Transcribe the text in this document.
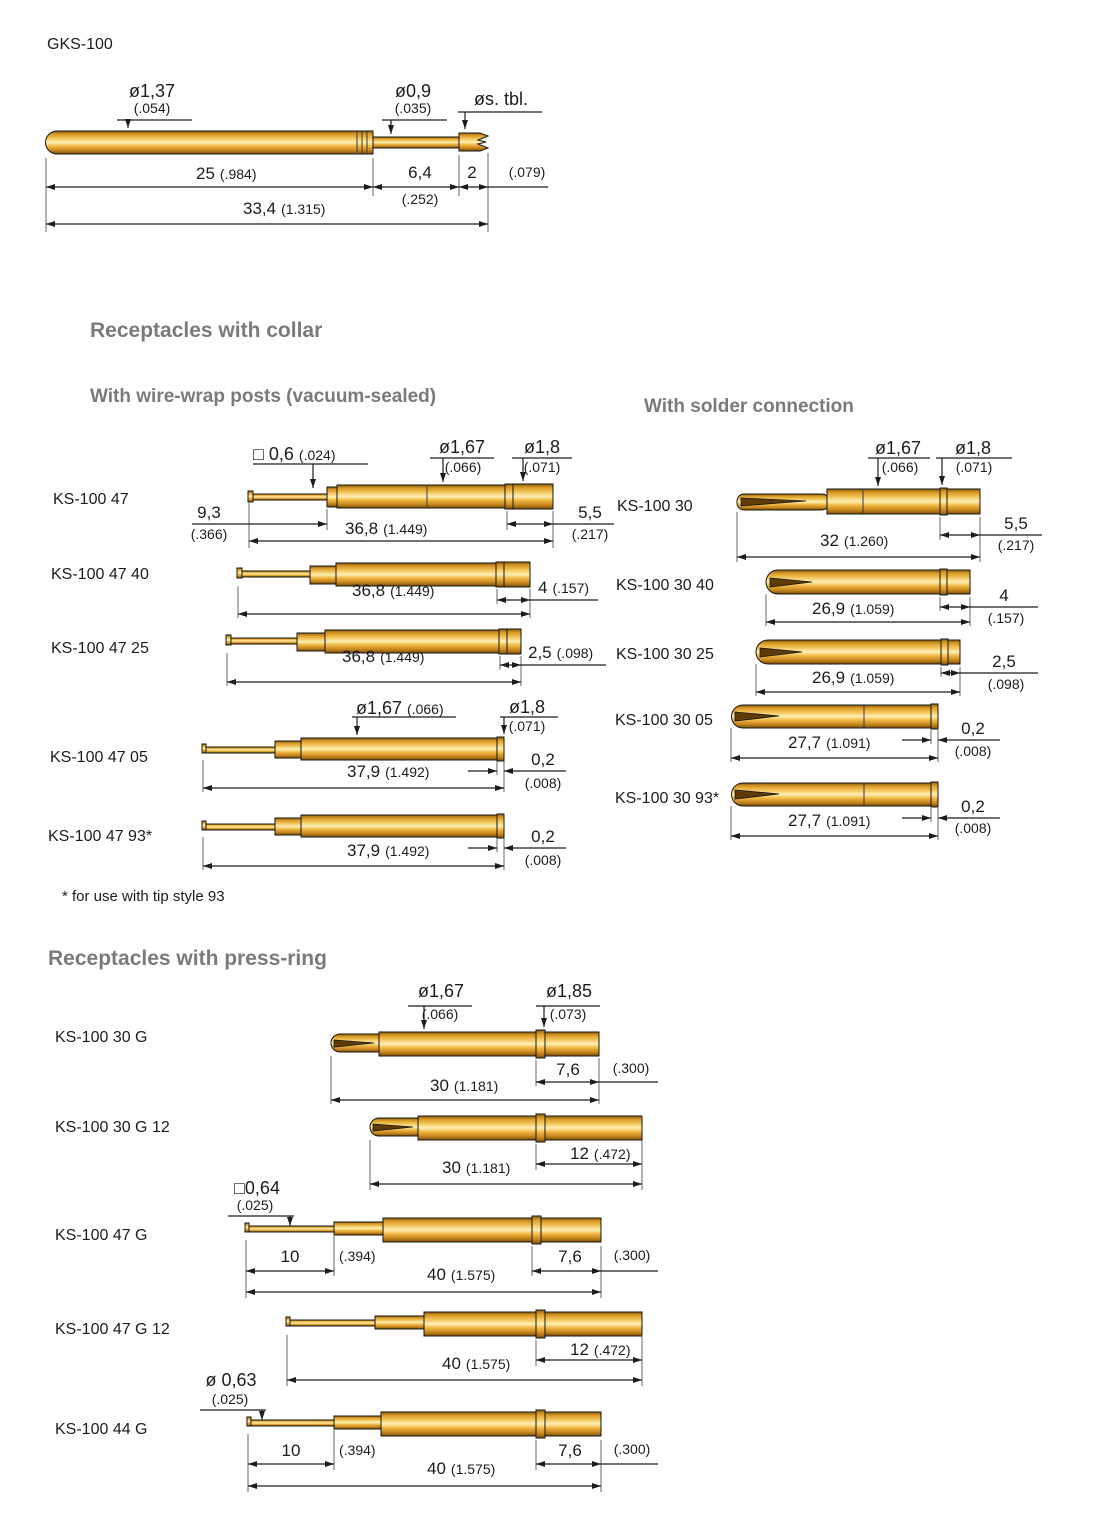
GKS-100
ø1,37
(.054)
ø0,9
(.035) øs. tbl.
25 (.984)	6,4
(.252)
2 (.079)
33,4 (1.315)
Receptacles with collar
With wire-wrap posts (vacuum-sealed)	With solder connection
Receptacles with press-ring
□ 0,6 (.024)	ø1,67
(.066)
ø1,8
(.071)
KS-100 47
9,3
(.366)	36,8 (1.449)
5,5
(.217)
KS-100 47 40
36,8 (1.449)	4 (.157)
KS-100 47 25	36,8 (1.449)	2,5 (.098)
ø1,67 (.066)	ø1,8
(.071)
KS-100 47 05
37,9 (1.492)
0,2
(.008)
KS-100 47 93*
37,9 (1.492)
0,2
(.008)
* for use with tip style 93
ø1,67
(.066)
ø1,8
(.071)
KS-100 30
32 (1.260)
5,5
(.217)
KS-100 30 40
26,9 (1.059)
4
(.157)
KS-100 30 25
26,9 (1.059)
2,5
(.098)
KS-100 30 05
27,7 (1.091)
0,2
(.008)
KS-100 30 93*
27,7 (1.091)
0,2
(.008)
ø1,67
(.066)
ø1,85
(.073)
KS-100 30 G
30 (1.181)
7,6 (.300)
KS-100 30 G 12
30 (1.181)
12 (.472)
□0,64
(.025)
KS-100 47 G
10	(.394)
40 (1.575)
7,6 (.300)
KS-100 47 G 12
40 (1.575)
12 (.472)
ø 0,63
(.025)
KS-100 44 G
10	(.394)
40 (1.575)
7,6 (.300)
